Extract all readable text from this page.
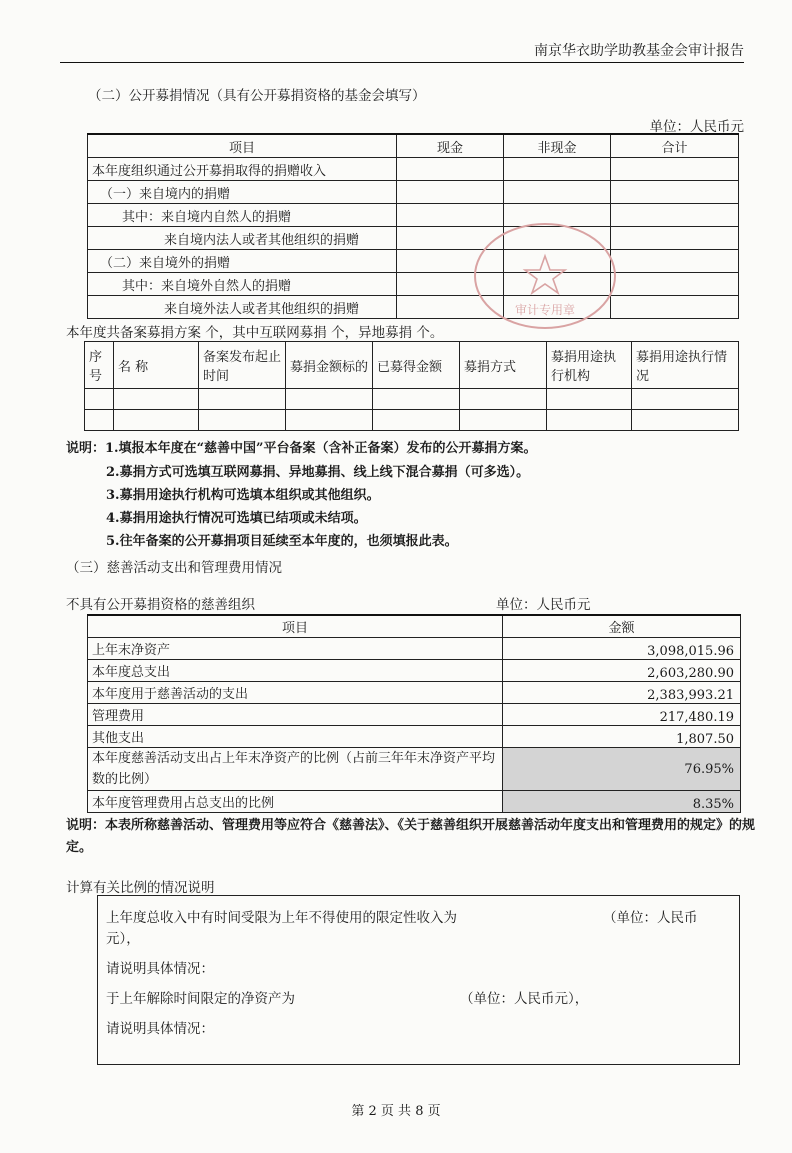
南京华衣助学助教基金会审计报告
（二）公开募捐情况（具有公开募捐资格的基金会填写）
单位：人民币元
项目	现金	非现金	合计
本年度组织通过公开募捐取得的捐赠收入			
（一）来自境内的捐赠			
其中：来自境内自然人的捐赠			
来自境内法人或者其他组织的捐赠			
（二）来自境外的捐赠			
其中：来自境外自然人的捐赠			
来自境外法人或者其他组织的捐赠				审计专用章
本年度共备案募捐方案 个，其中互联网募捐 个，异地募捐 个。
序号	名 称	备案发布起止时间	募捐金额标的	已募得金额	募捐方式	募捐用途执行机构	募捐用途执行情况

说明：1.填报本年度在“慈善中国”平台备案（含补正备案）发布的公开募捐方案。
2.募捐方式可选填互联网募捐、异地募捐、线上线下混合募捐（可多选）。
3.募捐用途执行机构可选填本组织或其他组织。
4.募捐用途执行情况可选填已结项或未结项。
5.往年备案的公开募捐项目延续至本年度的，也须填报此表。
（三）慈善活动支出和管理费用情况
不具有公开募捐资格的慈善组织	单位：人民币元
项目	金额
上年末净资产	3,098,015.96
本年度总支出	2,603,280.90
本年度用于慈善活动的支出	2,383,993.21
管理费用	217,480.19
其他支出	1,807.50
本年度慈善活动支出占上年末净资产的比例（占前三年年末净资产平均数的比例）	76.95%
本年度管理费用占总支出的比例	8.35%
说明：本表所称慈善活动、管理费用等应符合《慈善法》、《关于慈善组织开展慈善活动年度支出和管理费用的规定》的规定。
计算有关比例的情况说明
上年度总收入中有时间受限为上年不得使用的限定性收入为	（单位：人民币
元），
请说明具体情况：
于上年解除时间限定的净资产为	（单位：人民币元），
请说明具体情况：
第 2 页 共 8 页
